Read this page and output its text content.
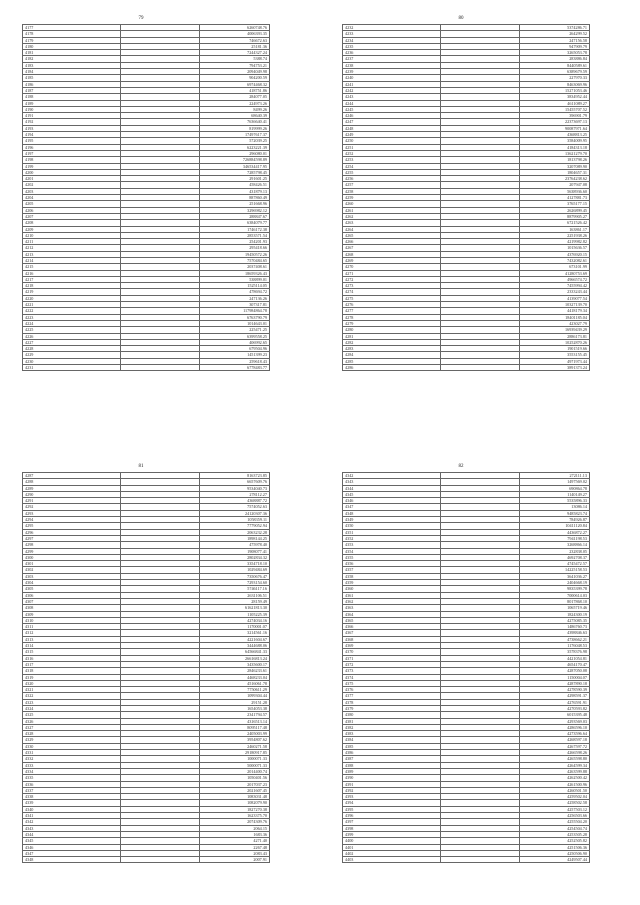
79
4177		6260748.76
4178		4006393.35
4179		746672.63
4180		25181.36
4181		7244327.24
4182		5388.74
4183		794753.21
4184		2094049.98
4185		904200.59
4186		6974468.32
4187		418751.86
4188		284077.05
4189		224973.26
4190		8499.26
4191		68640.39
4192		7636640.41
4193		819999.26
4194		17497617.37
4195		572039.25
4196		6223221.39
4197		296080.01
4198		726884598.89
4199		346534417.95
4200		7285798.45
4201		291601.25
4202		458426.51
4203		431879.13
4204		887860.49
4205		251668.96
4206		3296982.12
4207		288847.67
4208		6384079.77
4209		1746172.38
4210		2853571.54
4211		254201.93
4212		295418.66
4213		19450572.26
4214		7570484.65
4215		2037408.61
4216		18659326.43
4217		538899.01
4218		1525114.05
4219		478694.72
4220		247136.26
4221		307317.81
4222		117984864.78
4223		6763790.79
4224		1014643.01
4225		225471.25
4226		6399558.25
4227		406992.65
4228		679504.96
4229		1451399.23
4230		259618.43
4231		6778483.77
80
4232		5374286.71
4233		264299.52
4234		247156.58
4235		947909.79
4236		3265053.78
4237		283886.84
4238		8440589.61
4239		6389679.59
4240		227970.33
4241		8463069.96
4242		15271053.46
4243		3834952.44
4244		4611089.27
4245		15455707.52
4246		396901.79
4247		22373697.13
4248		90087971.64
4249		4368813.25
4250		3584009.95
4251		4184313.18
4252		13621279.70
4253		1813798.26
4254		3207089.90
4255		1804657.31
4256		23764238.62
4257		207947.08
4258		5638936.60
4259		4127881.73
4260		3765177.15
4261		2626899.45
4262		8879905.27
4263		6721526.42
4264		163861.17
4265		2251938.26
4266		4219982.82
4267		1015636.57
4268		4376920.15
4269		7432082.61
4270		673101.99
4271		41280753.69
4272		4966574.72
4273		7455994.42
4274		2333243.44
4275		4139077.54
4276		10327139.70
4277		4418179.34
4278		18401185.04
4279		423027.79
4280		16939439.29
4281		2886173.81
4282		10252870.26
4283		1901519.66
4284		3553155.45
4285		4971973.44
4286		3891373.24
81
4287		8163723.85
4288		6657609.76
4289		9534040.73
4290		278112.27
4291		4368887.72
4292		7574052.63
4293		24120307.36
4294		1058359.11
4295		7779052.94
4296		2063232.28
4297		1898144.25
4298		475978.40
4299		1908077.41
4300		2802834.32
4301		3354718.10
4302		1029484.69
4303		7350676.47
4304		7293154.60
4305		5746117.16
4306		2631106.51
4307		28159.49
4308		61621813.30
4309		1105225.39
4310		4274034.16
4311		1170001.07
4312		3214561.16
4313		4221604.67
4314		3444688.06
4315		64566841.33
4316		26616813.24
4317		3435600.17
4318		2846233.61
4319		4468233.04
4320		4516061.78
4321		7750611.29
4322		1099304.44
4323		29151.28
4324		1654053.38
4325		2341794.57
4326		4316513.14
4327		8095117.48
4328		2405003.99
4329		3954807.62
4330		2460271.58
4331		29180917.85
4332		1000071.33
4333		5000071.33
4334		2014400.74
4335		1050401.56
4336		2017037.23
4337		2021607.45
4338		1083031.48
4339		1082079.90
4340		1827270.38
4341		1623375.70
4342		2074309.76
4343		2064.15
4344		1683.36
4345		4271.40
4346		2267.48
4347		2083.43
4348		2007.91
82
4342		272111.13
4343		1497569.02
4344		690864.78
4345		1140149.27
4346		5535896.33
4347		13086.14
4348		9485823.74
4349		784926.87
4350		10411120.84
4351		4436872.27
4352		7941198.53
4353		3268866.14
4354		232838.05
4355		4692708.37
4356		4745472.57
4357		14225158.53
4358		3641036.27
4359		2404668.19
4360		9835399.78
4361		7000614.03
4362		8017868.10
4363		1065719.46
4364		1824300.19
4365		4275085.35
4366		1486760.73
4367		4398846.63
4368		4738662.21
4369		1176048.53
4370		3578376.98
4371		4421054.81
4372		4654170.47
4373		4287050.08
4374		1150004.07
4375		4287890.18
4376		4278590.39
4377		4298591.37
4378		4276591.91
4379		4270593.82
4380		6015395.48
4381		4293569.03
4382		4286596.10
4383		4273596.64
4384		4268597.18
4385		4267597.72
4386		4266598.26
4387		4265598.80
4388		4264599.34
4389		4263599.88
4390		4262500.42
4391		4261500.96
4392		4260501.50
4393		4259502.04
4394		4258502.58
4395		4257503.12
4396		4256503.66
4397		4255504.20
4398		4254504.74
4399		4253505.28
4400		4252505.82
4401		4251506.36
4402		4250506.90
4403		4249507.44
